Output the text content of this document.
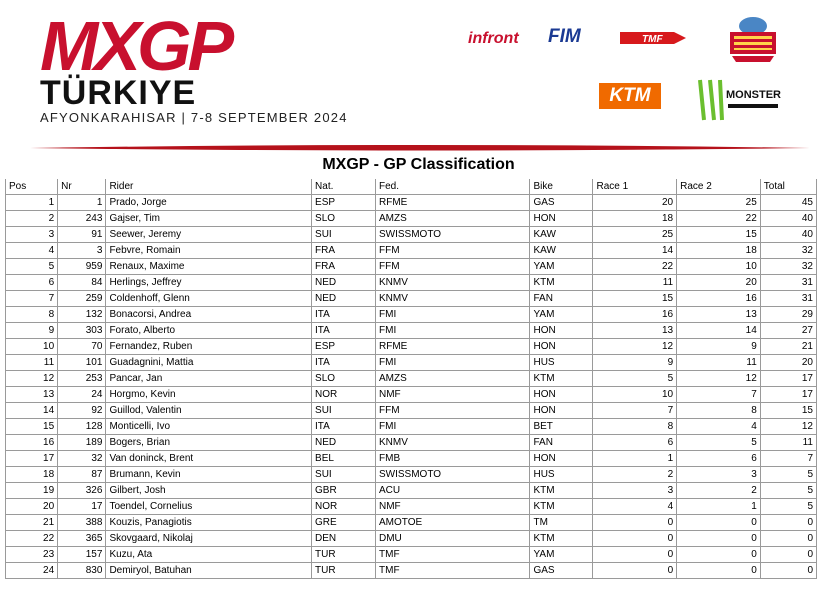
MXGP
TÜRKIYE
AFYONKARAHISAR | 7-8 SEPTEMBER 2024
infront FIM	TMF
KTM	MONSTER
MXGP - GP Classification
Pos	Nr	Rider	Nat.	Fed.	Bike	Race 1	Race 2	Total
1	1	Prado, Jorge	ESP	RFME	GAS	20	25	45
2	243	Gajser, Tim	SLO	AMZS	HON	18	22	40
3	91	Seewer, Jeremy	SUI	SWISSMOTO	KAW	25	15	40
4	3	Febvre, Romain	FRA	FFM	KAW	14	18	32
5	959	Renaux, Maxime	FRA	FFM	YAM	22	10	32
6	84	Herlings, Jeffrey	NED	KNMV	KTM	11	20	31
7	259	Coldenhoff, Glenn	NED	KNMV	FAN	15	16	31
8	132	Bonacorsi, Andrea	ITA	FMI	YAM	16	13	29
9	303	Forato, Alberto	ITA	FMI	HON	13	14	27
10	70	Fernandez, Ruben	ESP	RFME	HON	12	9	21
11	101	Guadagnini, Mattia	ITA	FMI	HUS	9	11	20
12	253	Pancar, Jan	SLO	AMZS	KTM	5	12	17
13	24	Horgmo, Kevin	NOR	NMF	HON	10	7	17
14	92	Guillod, Valentin	SUI	FFM	HON	7	8	15
15	128	Monticelli, Ivo	ITA	FMI	BET	8	4	12
16	189	Bogers, Brian	NED	KNMV	FAN	6	5	11
17	32	Van doninck, Brent	BEL	FMB	HON	1	6	7
18	87	Brumann, Kevin	SUI	SWISSMOTO	HUS	2	3	5
19	326	Gilbert, Josh	GBR	ACU	KTM	3	2	5
20	17	Toendel, Cornelius	NOR	NMF	KTM	4	1	5
21	388	Kouzis, Panagiotis	GRE	AMOTOE	TM	0	0	0
22	365	Skovgaard, Nikolaj	DEN	DMU	KTM	0	0	0
23	157	Kuzu, Ata	TUR	TMF	YAM	0	0	0
24	830	Demiryol, Batuhan	TUR	TMF	GAS	0	0	0
